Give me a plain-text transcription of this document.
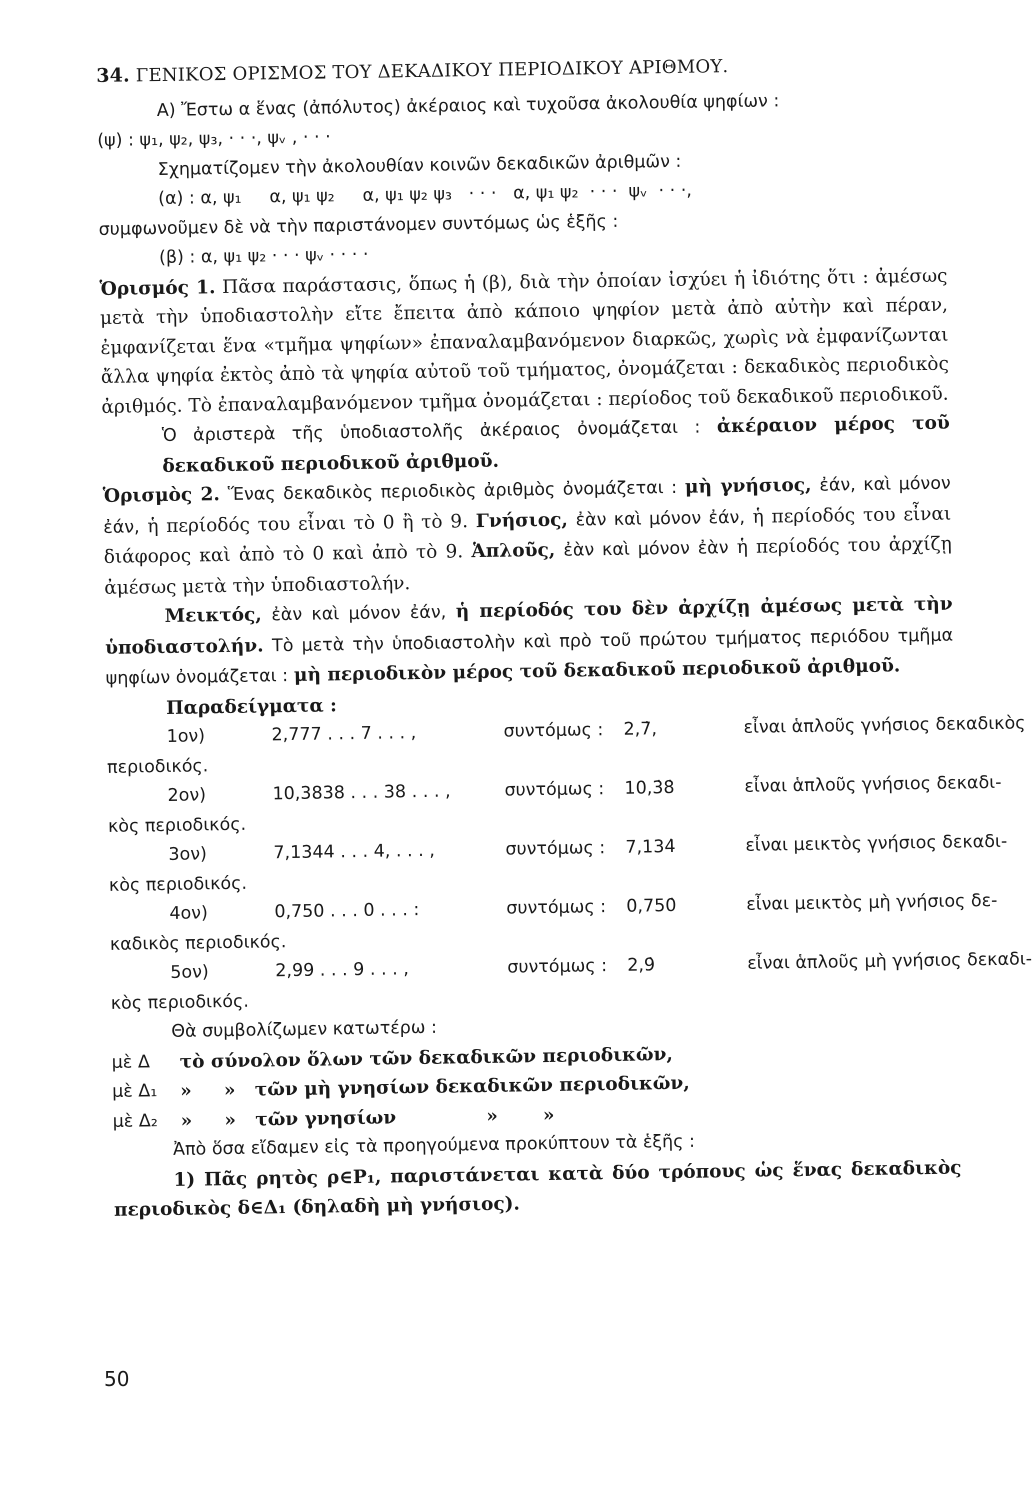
34. ΓΕΝΙΚΟΣ ΟΡΙΣΜΟΣ ΤΟΥ ΔΕΚΑΔΙΚΟΥ ΠΕΡΙΟΔΙΚΟΥ ΑΡΙΘΜΟΥ.
Α) Ἔστω α ἕνας (ἀπόλυτος) ἀκέραιος καὶ τυχοῦσα ἀκολουθία ψηφίων :
(ψ) : ψ₁, ψ₂, ψ₃, · · ·, ψᵥ , · · ·
Σχηματίζομεν τὴν ἀκολουθίαν κοινῶν δεκαδικῶν ἀριθμῶν :
(α) : α, ψ₁     α, ψ₁ ψ₂     α, ψ₁ ψ₂ ψ₃   · · ·   α, ψ₁ ψ₂  · · ·  ψᵥ  · · ·,
συμφωνοῦμεν δὲ νὰ τὴν παριστάνομεν συντόμως ὡς ἑξῆς :
(β) : α, ψ₁ ψ₂ · · · ψᵥ · · · ·
Ὁρισμός 1. Πᾶσα παράστασις, ὅπως ἡ (β), διὰ τὴν ὁποίαν ἰσχύει ἡ ἰδιότης ὅτι : ἀμέσως μετὰ τὴν ὑποδιαστολὴν εἴτε ἔπειτα ἀπὸ κάποιο ψηφίον μετὰ ἀπὸ αὐτὴν καὶ πέραν, ἐμφανίζεται ἕνα «τμῆμα ψηφίων» ἐπαναλαμβανόμενον διαρκῶς, χωρὶς νὰ ἐμφανίζωνται ἄλλα ψηφία ἐκτὸς ἀπὸ τὰ ψηφία αὐτοῦ τοῦ τμήματος, ὀνομάζεται : δεκαδικὸς περιοδικὸς ἀριθμός. Τὸ ἐπαναλαμβανόμενον τμῆμα ὀνομάζεται : περίοδος τοῦ δεκαδικοῦ περιοδικοῦ.
Ὁ ἀριστερὰ τῆς ὑποδιαστολῆς ἀκέραιος ὀνομάζεται : ἀκέραιον μέρος τοῦ δεκαδικοῦ περιοδικοῦ ἀριθμοῦ.
Ὁρισμὸς 2. Ἕνας δεκαδικὸς περιοδικὸς ἀριθμὸς ὀνομάζεται : μὴ γνήσιος, ἐάν, καὶ μόνον ἐάν, ἡ περίοδός του εἶναι τὸ 0 ἢ τὸ 9. Γνήσιος, ἐὰν καὶ μόνον ἐάν, ἡ περίοδός του εἶναι διάφορος καὶ ἀπὸ τὸ 0 καὶ ἀπὸ τὸ 9. Ἁπλοῦς, ἐὰν καὶ μόνον ἐὰν ἡ περίοδός του ἀρχίζῃ ἀμέσως μετὰ τὴν ὑποδιαστολήν.
Μεικτός, ἐὰν καὶ μόνον ἐάν, ἡ περίοδός του δὲν ἀρχίζῃ ἀμέσως μετὰ τὴν ὑποδιαστολήν. Τὸ μετὰ τὴν ὑποδιαστολὴν καὶ πρὸ τοῦ πρώτου τμήματος περιόδου τμῆμα ψηφίων ὀνομάζεται : μὴ περιοδικὸν μέρος τοῦ δεκαδικοῦ περιοδικοῦ ἀριθμοῦ.
Παραδείγματα :
1ον)	2,777 . . . 7 . . . ,	συντόμως :	2,7̇,	εἶναι ἁπλοῦς γνήσιος δεκαδικὸς
περιοδικός.
2ον)	10,3838 . . . 38 . . . ,	συντόμως :	10,3̇8̇	εἶναι ἁπλοῦς γνήσιος δεκαδι-
κὸς περιοδικός.
3ον)	7,1344 . . . 4, . . . ,	συντόμως :	7,134̇	εἶναι μεικτὸς γνήσιος δεκαδι-
κὸς περιοδικός.
4ον)	0,750 . . . 0 . . . :	συντόμως :	0,750̇	εἶναι μεικτὸς μὴ γνήσιος δε-
καδικὸς περιοδικός.
5ον)	2,99 . . . 9 . . . ,	συντόμως :	2,9̇	εἶναι ἁπλοῦς μὴ γνήσιος δεκαδι-
κὸς περιοδικός.
Θὰ συμβολίζωμεν κατωτέρω :
μὲ Δ	τὸ σύνολον ὅλων τῶν δεκαδικῶν περιοδικῶν,
μὲ Δ₁	»     »   τῶν μὴ γνησίων δεκαδικῶν περιοδικῶν,
μὲ Δ₂	»     »   τῶν γνησίων              »       »
Ἀπὸ ὅσα εἴδαμεν εἰς τὰ προηγούμενα προκύπτουν τὰ ἑξῆς :
1) Πᾶς ρητὸς ρ∈P₁, παριστάνεται κατὰ δύο τρόπους ὡς ἕνας δεκαδικὸς περιοδικὸς δ∈Δ₁ (δηλαδὴ μὴ γνήσιος).
50
